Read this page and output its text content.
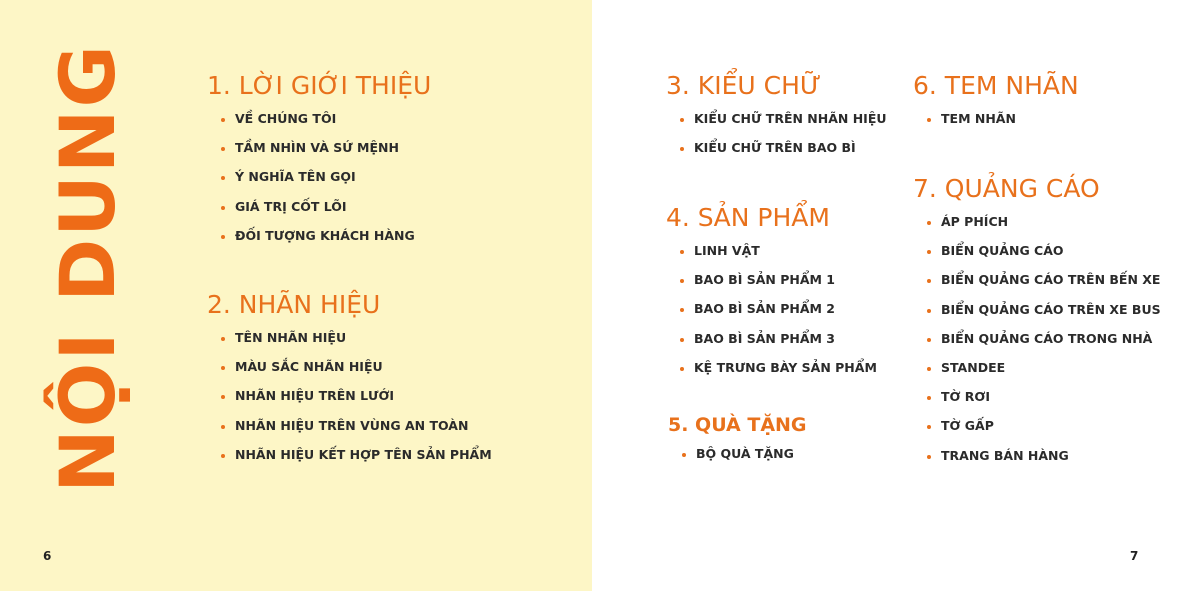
NỘI DUNG	1. LỜI GIỚI THIỆU
VỀ CHÚNG TÔI
TẦM NHÌN VÀ SỨ MỆNH
Ý NGHĨA TÊN GỌI
GIÁ TRỊ CỐT LÕI
ĐỐI TƯỢNG KHÁCH HÀNG
2. NHÃN HIỆU
TÊN NHÃN HIỆU
MÀU SẮC NHÃN HIỆU
NHÃN HIỆU TRÊN LƯỚI
NHÃN HIỆU TRÊN VÙNG AN TOÀN
NHÃN HIỆU KẾT HỢP TÊN SẢN PHẨM
3. KIỂU CHỮ
KIỂU CHỮ TRÊN NHÃN HIỆU
KIỂU CHỮ TRÊN BAO BÌ
4. SẢN PHẨM
LINH VẬT
BAO BÌ SẢN PHẨM 1
BAO BÌ SẢN PHẨM 2
BAO BÌ SẢN PHẨM 3
KỆ TRƯNG BÀY SẢN PHẨM
5. QUÀ TẶNG
BỘ QUÀ TẶNG
6. TEM NHÃN
TEM NHÃN
7. QUẢNG CÁO
ÁP PHÍCH
BIỂN QUẢNG CÁO
BIỂN QUẢNG CÁO TRÊN BẾN XE
BIỂN QUẢNG CÁO TRÊN XE BUS
BIỂN QUẢNG CÁO TRONG NHÀ
STANDEE
TỜ RƠI
TỜ GẤP
TRANG BÁN HÀNG
6	7
